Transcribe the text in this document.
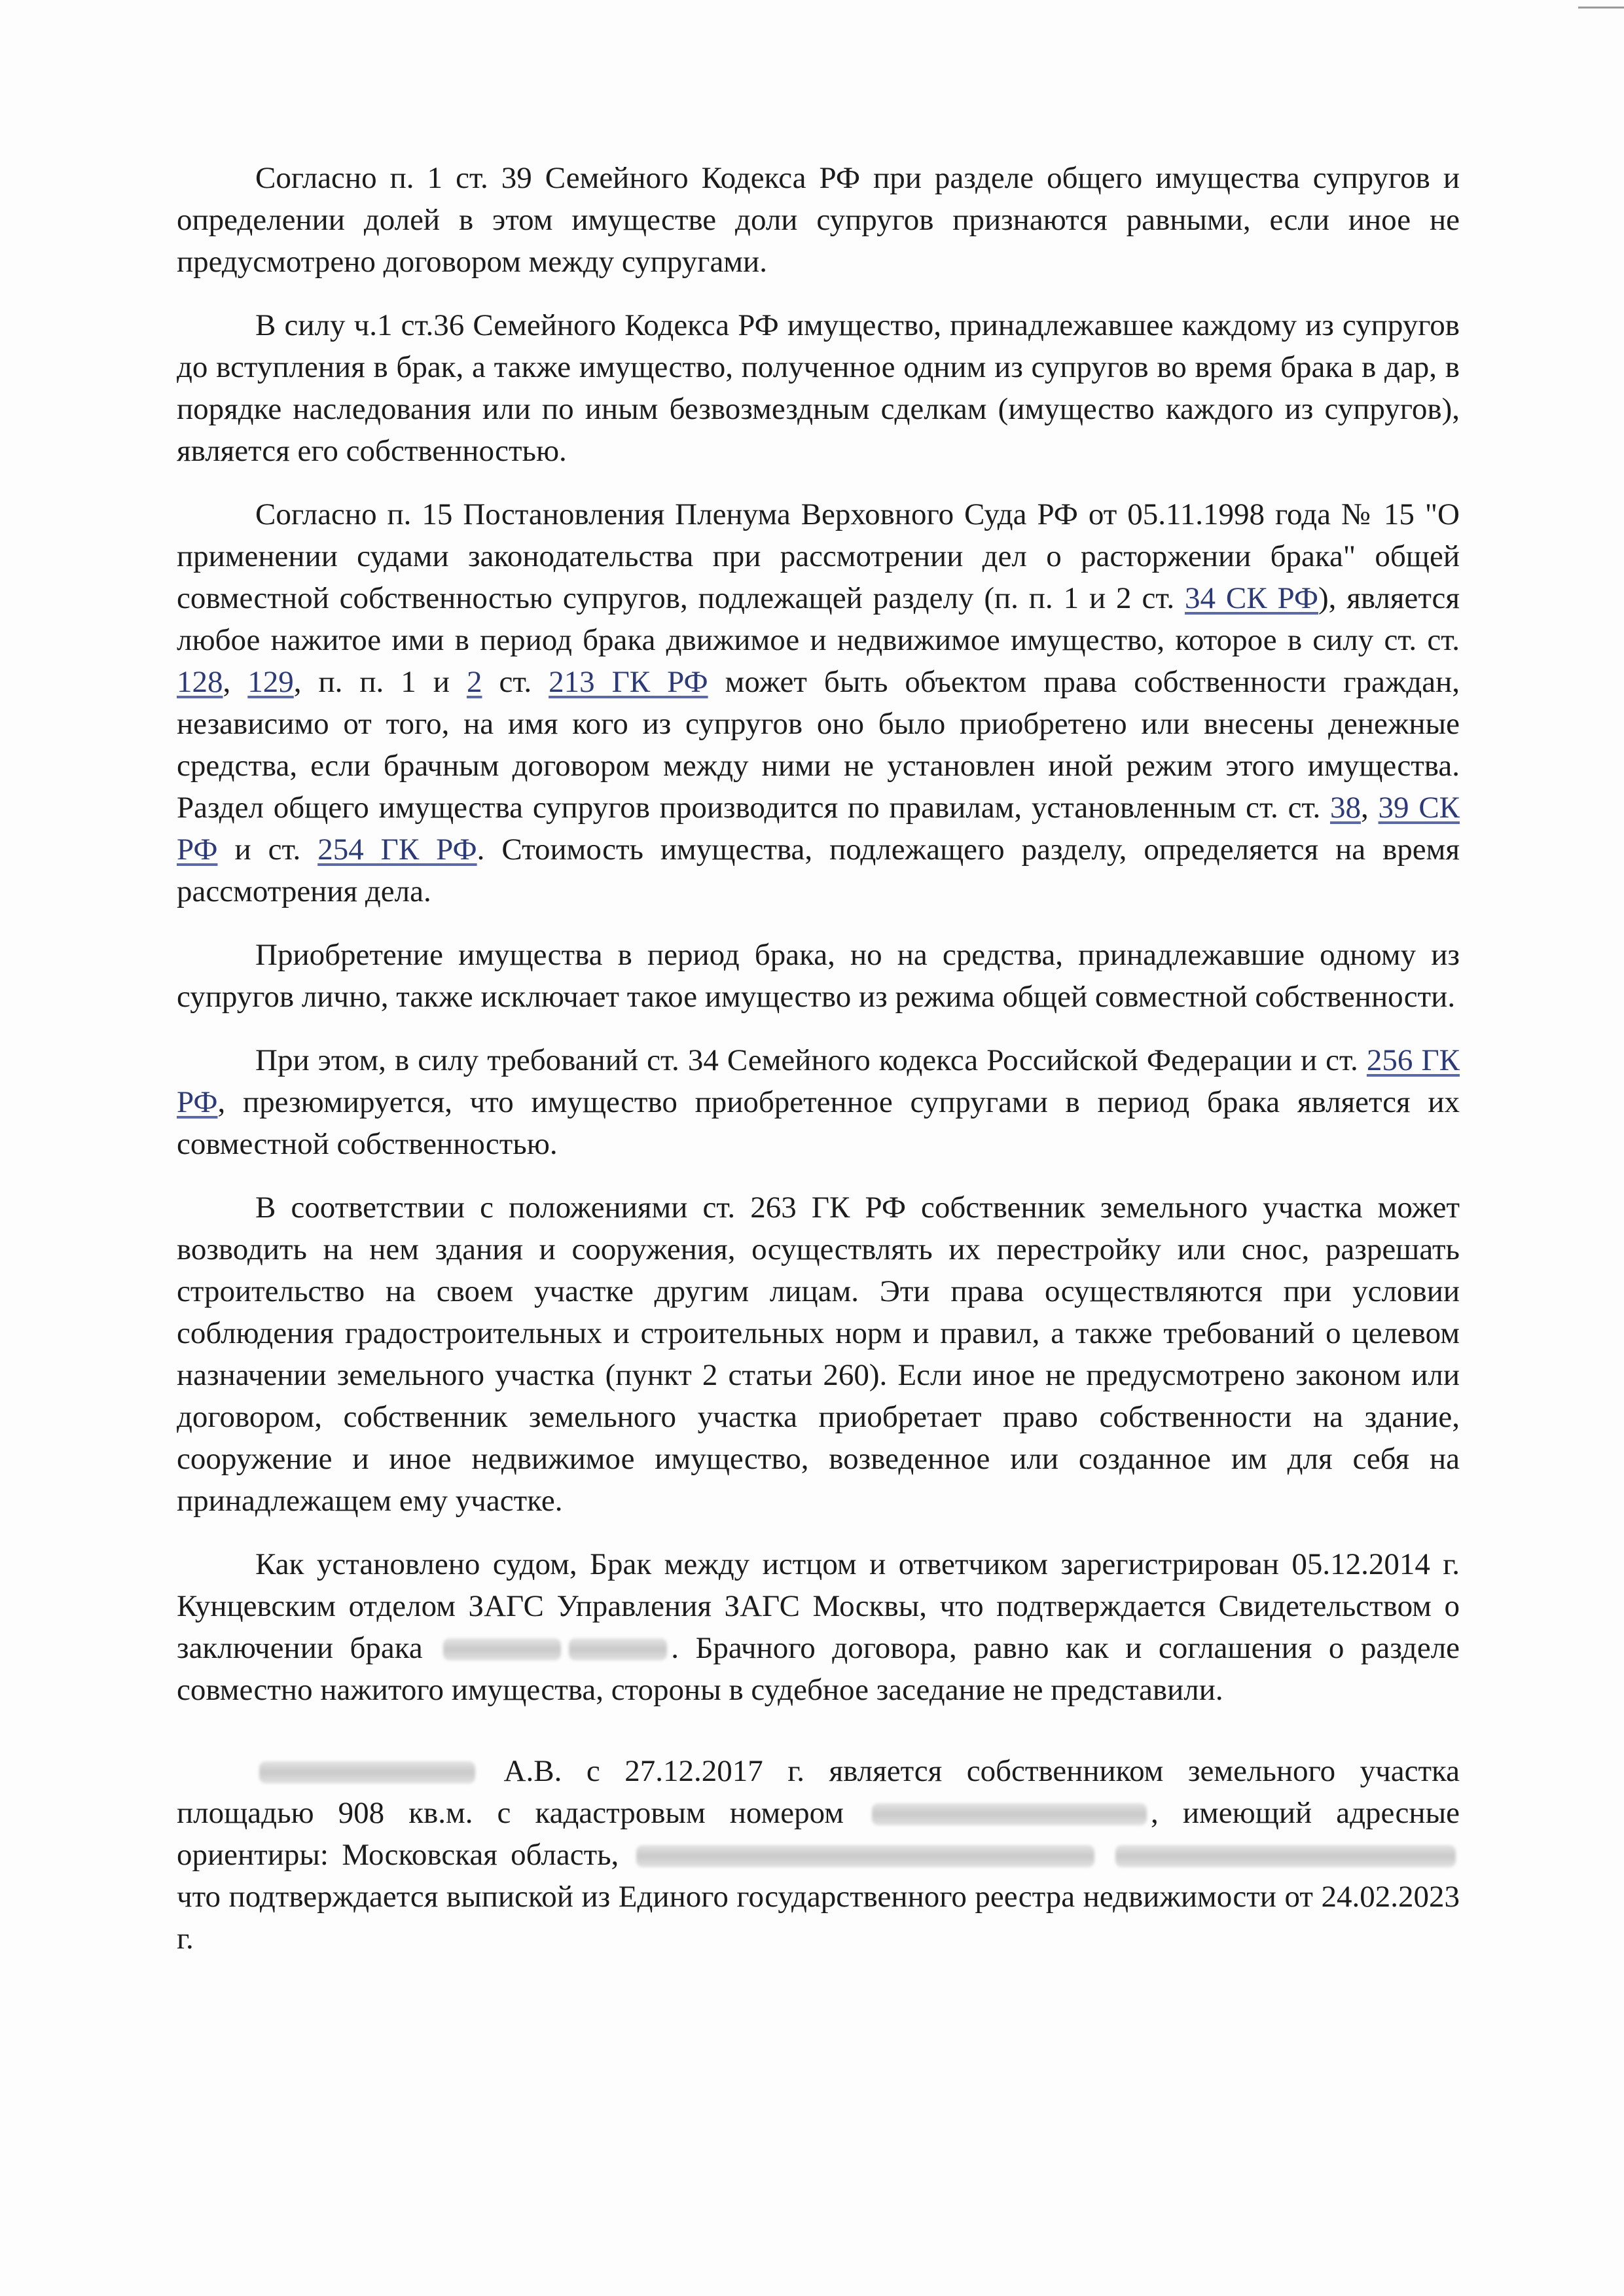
Согласно п. 1 ст. 39 Семейного Кодекса РФ при разделе общего имущества супругов и определении долей в этом имуществе доли супругов признаются равными, если иное не предусмотрено договором между супругами.

В силу ч.1 ст.36 Семейного Кодекса РФ имущество, принадлежавшее каждому из супругов до вступления в брак, а также имущество, полученное одним из супругов во время брака в дар, в порядке наследования или по иным безвозмездным сделкам (имущество каждого из супругов), является его собственностью.

Согласно п. 15 Постановления Пленума Верховного Суда РФ от 05.11.1998 года № 15 "О применении судами законодательства при рассмотрении дел о расторжении брака" общей совместной собственностью супругов, подлежащей разделу (п. п. 1 и 2 ст. 34 СК РФ), является любое нажитое ими в период брака движимое и недвижимое имущество, которое в силу ст. ст. 128, 129, п. п. 1 и 2 ст. 213 ГК РФ может быть объектом права собственности граждан, независимо от того, на имя кого из супругов оно было приобретено или внесены денежные средства, если брачным договором между ними не установлен иной режим этого имущества. Раздел общего имущества супругов производится по правилам, установленным ст. ст. 38, 39 СК РФ и ст. 254 ГК РФ. Стоимость имущества, подлежащего разделу, определяется на время рассмотрения дела.

Приобретение имущества в период брака, но на средства, принадлежавшие одному из супругов лично, также исключает такое имущество из режима общей совместной собственности.

При этом, в силу требований ст. 34 Семейного кодекса Российской Федерации и ст. 256 ГК РФ, презюмируется, что имущество приобретенное супругами в период брака является их совместной собственностью.

В соответствии с положениями ст. 263 ГК РФ собственник земельного участка может возводить на нем здания и сооружения, осуществлять их перестройку или снос, разрешать строительство на своем участке другим лицам. Эти права осуществляются при условии соблюдения градостроительных и строительных норм и правил, а также требований о целевом назначении земельного участка (пункт 2 статьи 260). Если иное не предусмотрено законом или договором, собственник земельного участка приобретает право собственности на здание, сооружение и иное недвижимое имущество, возведенное или созданное им для себя на принадлежащем ему участке.

Как установлено судом, Брак между истцом и ответчиком зарегистрирован 05.12.2014 г. Кунцевским отделом ЗАГС Управления ЗАГС Москвы, что подтверждается Свидетельством о заключении брака	. Брачного договора, равно как и соглашения о разделе совместно нажитого имущества, стороны в судебное заседание не представили.

А.В. с 27.12.2017 г. является собственником земельного участка площадью 908 кв.м. с кадастровым номером	, имеющий адресные ориентиры: Московская область,   что подтверждается выпиской из Единого государственного реестра недвижимости от 24.02.2023 г.
